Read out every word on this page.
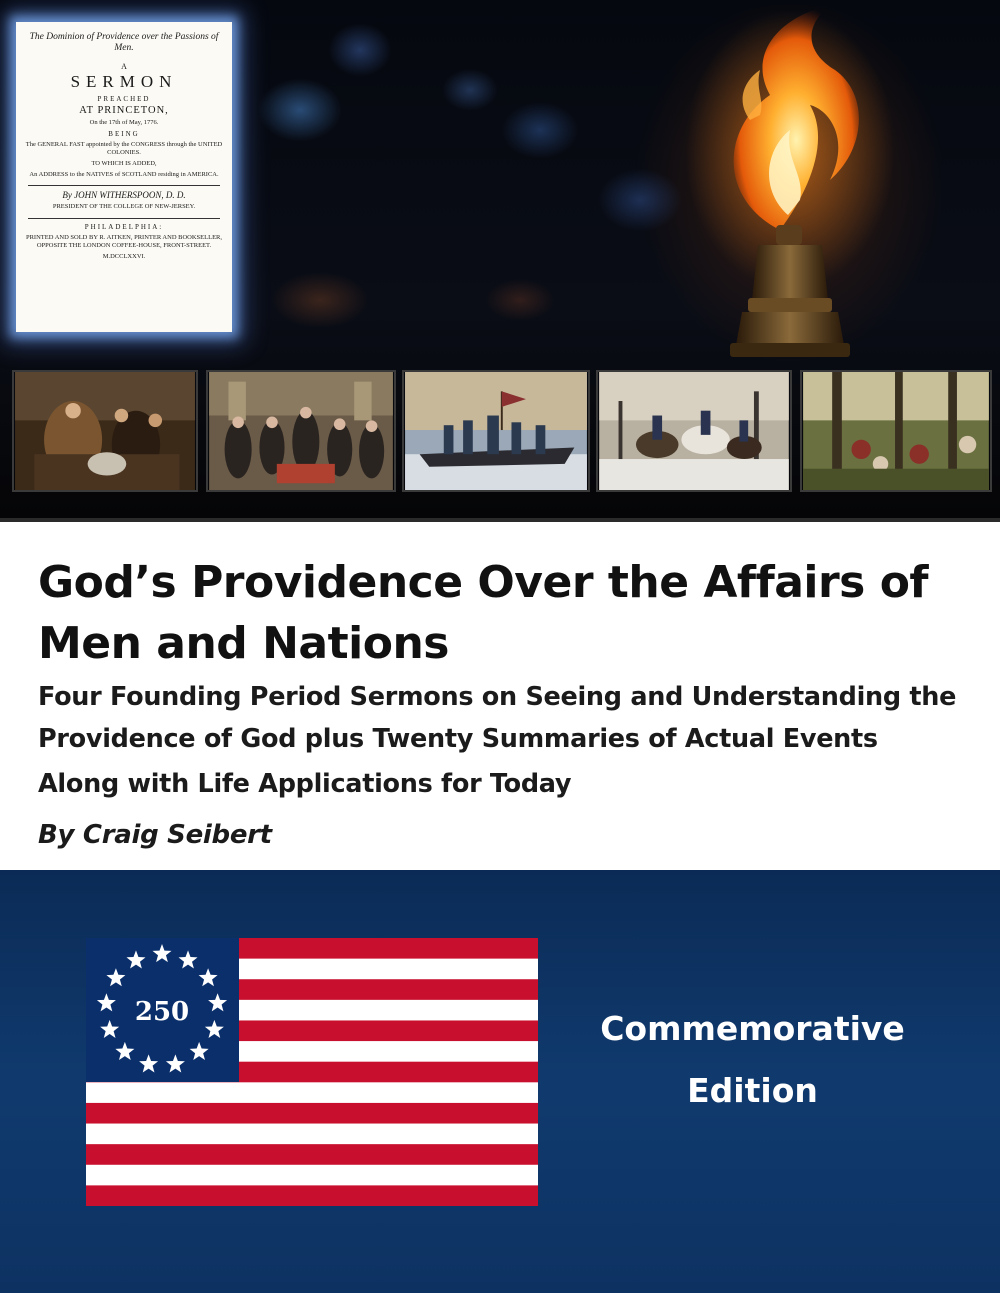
The Dominion of Providence over the Passions of Men.
A
SERMON
PREACHED
AT PRINCETON,
On the 17th of May, 1776.
BEING
The GENERAL FAST appointed by the CONGRESS through the UNITED COLONIES.
TO WHICH IS ADDED,
An ADDRESS to the NATIVES of SCOTLAND residing in AMERICA.
By JOHN WITHERSPOON, D. D.
PRESIDENT OF THE COLLEGE OF NEW-JERSEY.
PHILADELPHIA:
PRINTED AND SOLD BY R. AITKEN, PRINTER AND BOOKSELLER, OPPOSITE THE LONDON COFFEE-HOUSE, FRONT-STREET.
M.DCCLXXVI.
God’s Providence Over the Affairs of Men and Nations
Four Founding Period Sermons on Seeing and Understanding the Providence of God plus Twenty Summaries of Actual Events
Along with Life Applications for Today
By Craig Seibert
250	Commemorative
Edition
